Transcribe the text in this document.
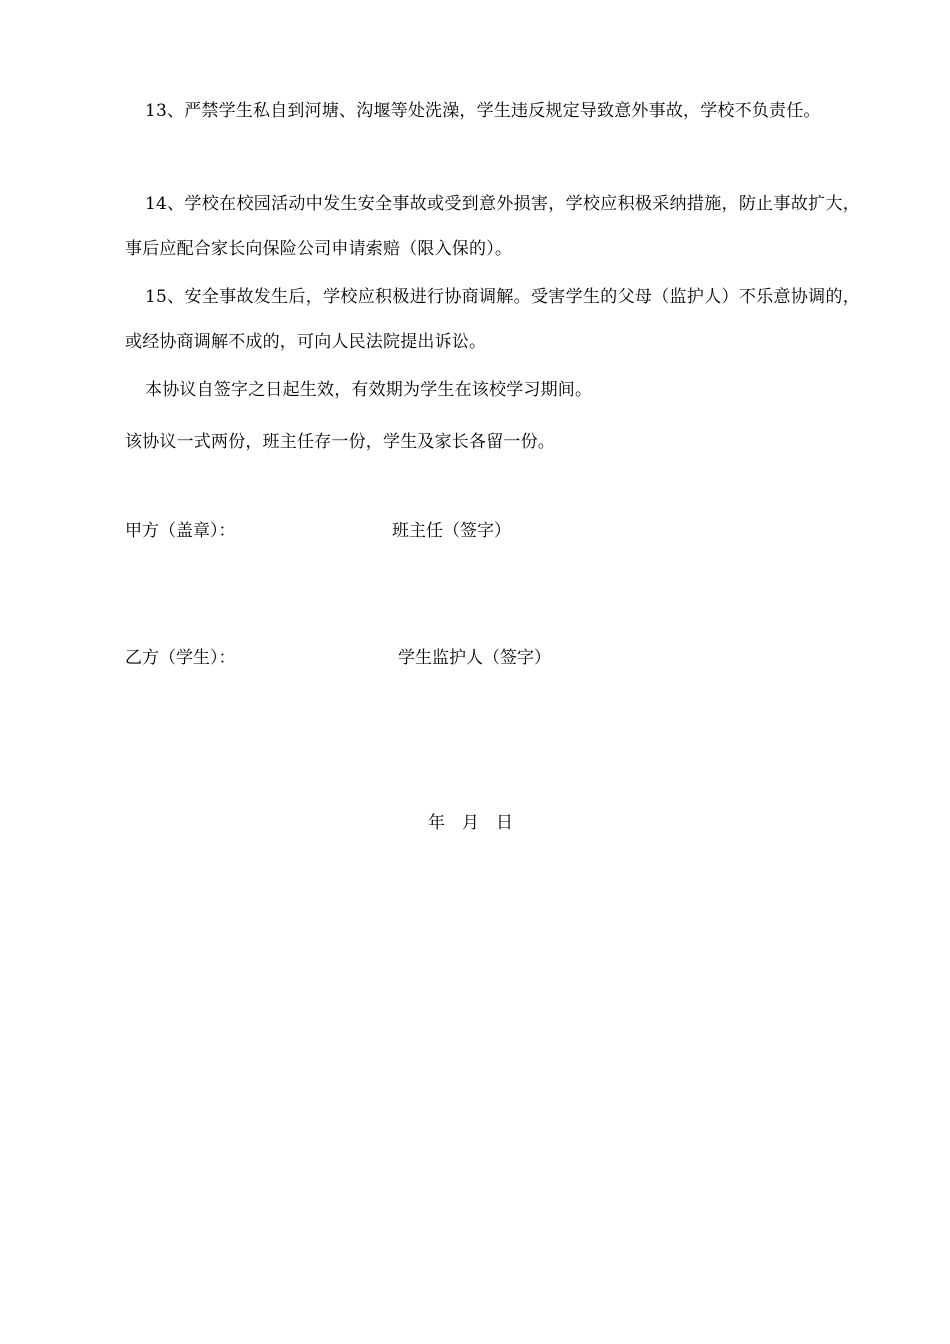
13、严禁学生私自到河塘、沟堰等处洗澡，学生违反规定导致意外事故，学校不负责任。

14、学校在校园活动中发生安全事故或受到意外损害，学校应积极采纳措施，防止事故扩大，事后应配合家长向保险公司申请索赔（限入保的）。

15、安全事故发生后，学校应积极进行协商调解。受害学生的父母（监护人）不乐意协调的，或经协商调解不成的，可向人民法院提出诉讼。

本协议自签字之日起生效，有效期为学生在该校学习期间。

该协议一式两份，班主任存一份，学生及家长各留一份。

甲方（盖章）：	班主任（签字）
乙方（学生）：	学生监护人（签字）
年　月　日
